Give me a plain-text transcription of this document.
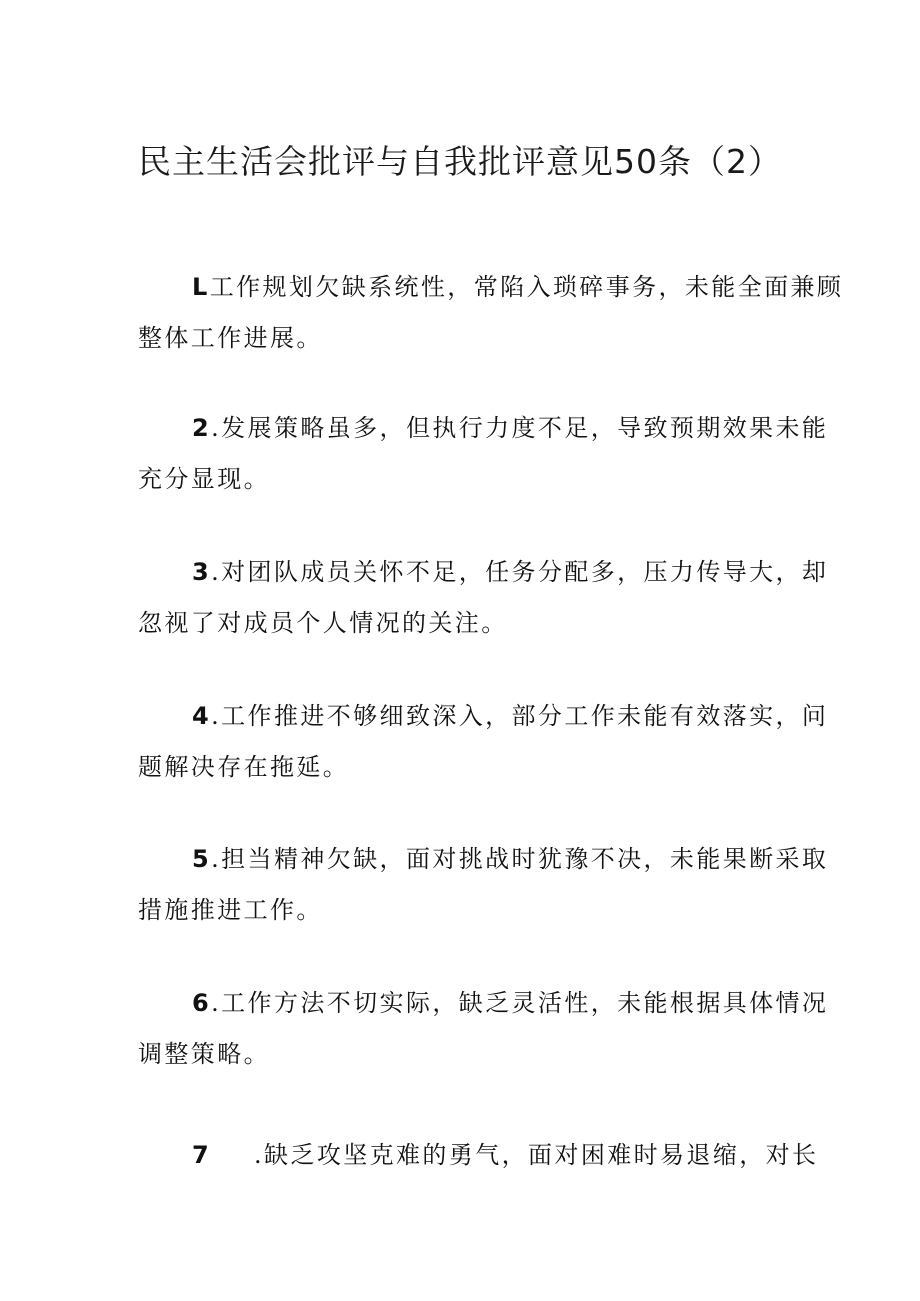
民主生活会批评与自我批评意见50条（2）
L工作规划欠缺系统性，常陷入琐碎事务，未能全面兼顾
整体工作进展。
2.发展策略虽多，但执行力度不足，导致预期效果未能
充分显现。
3.对团队成员关怀不足，任务分配多，压力传导大，却
忽视了对成员个人情况的关注。
4.工作推进不够细致深入，部分工作未能有效落实，问
题解决存在拖延。
5.担当精神欠缺，面对挑战时犹豫不决，未能果断采取
措施推进工作。
6.工作方法不切实际，缺乏灵活性，未能根据具体情况
调整策略。
7 .缺乏攻坚克难的勇气，面对困难时易退缩，对长
